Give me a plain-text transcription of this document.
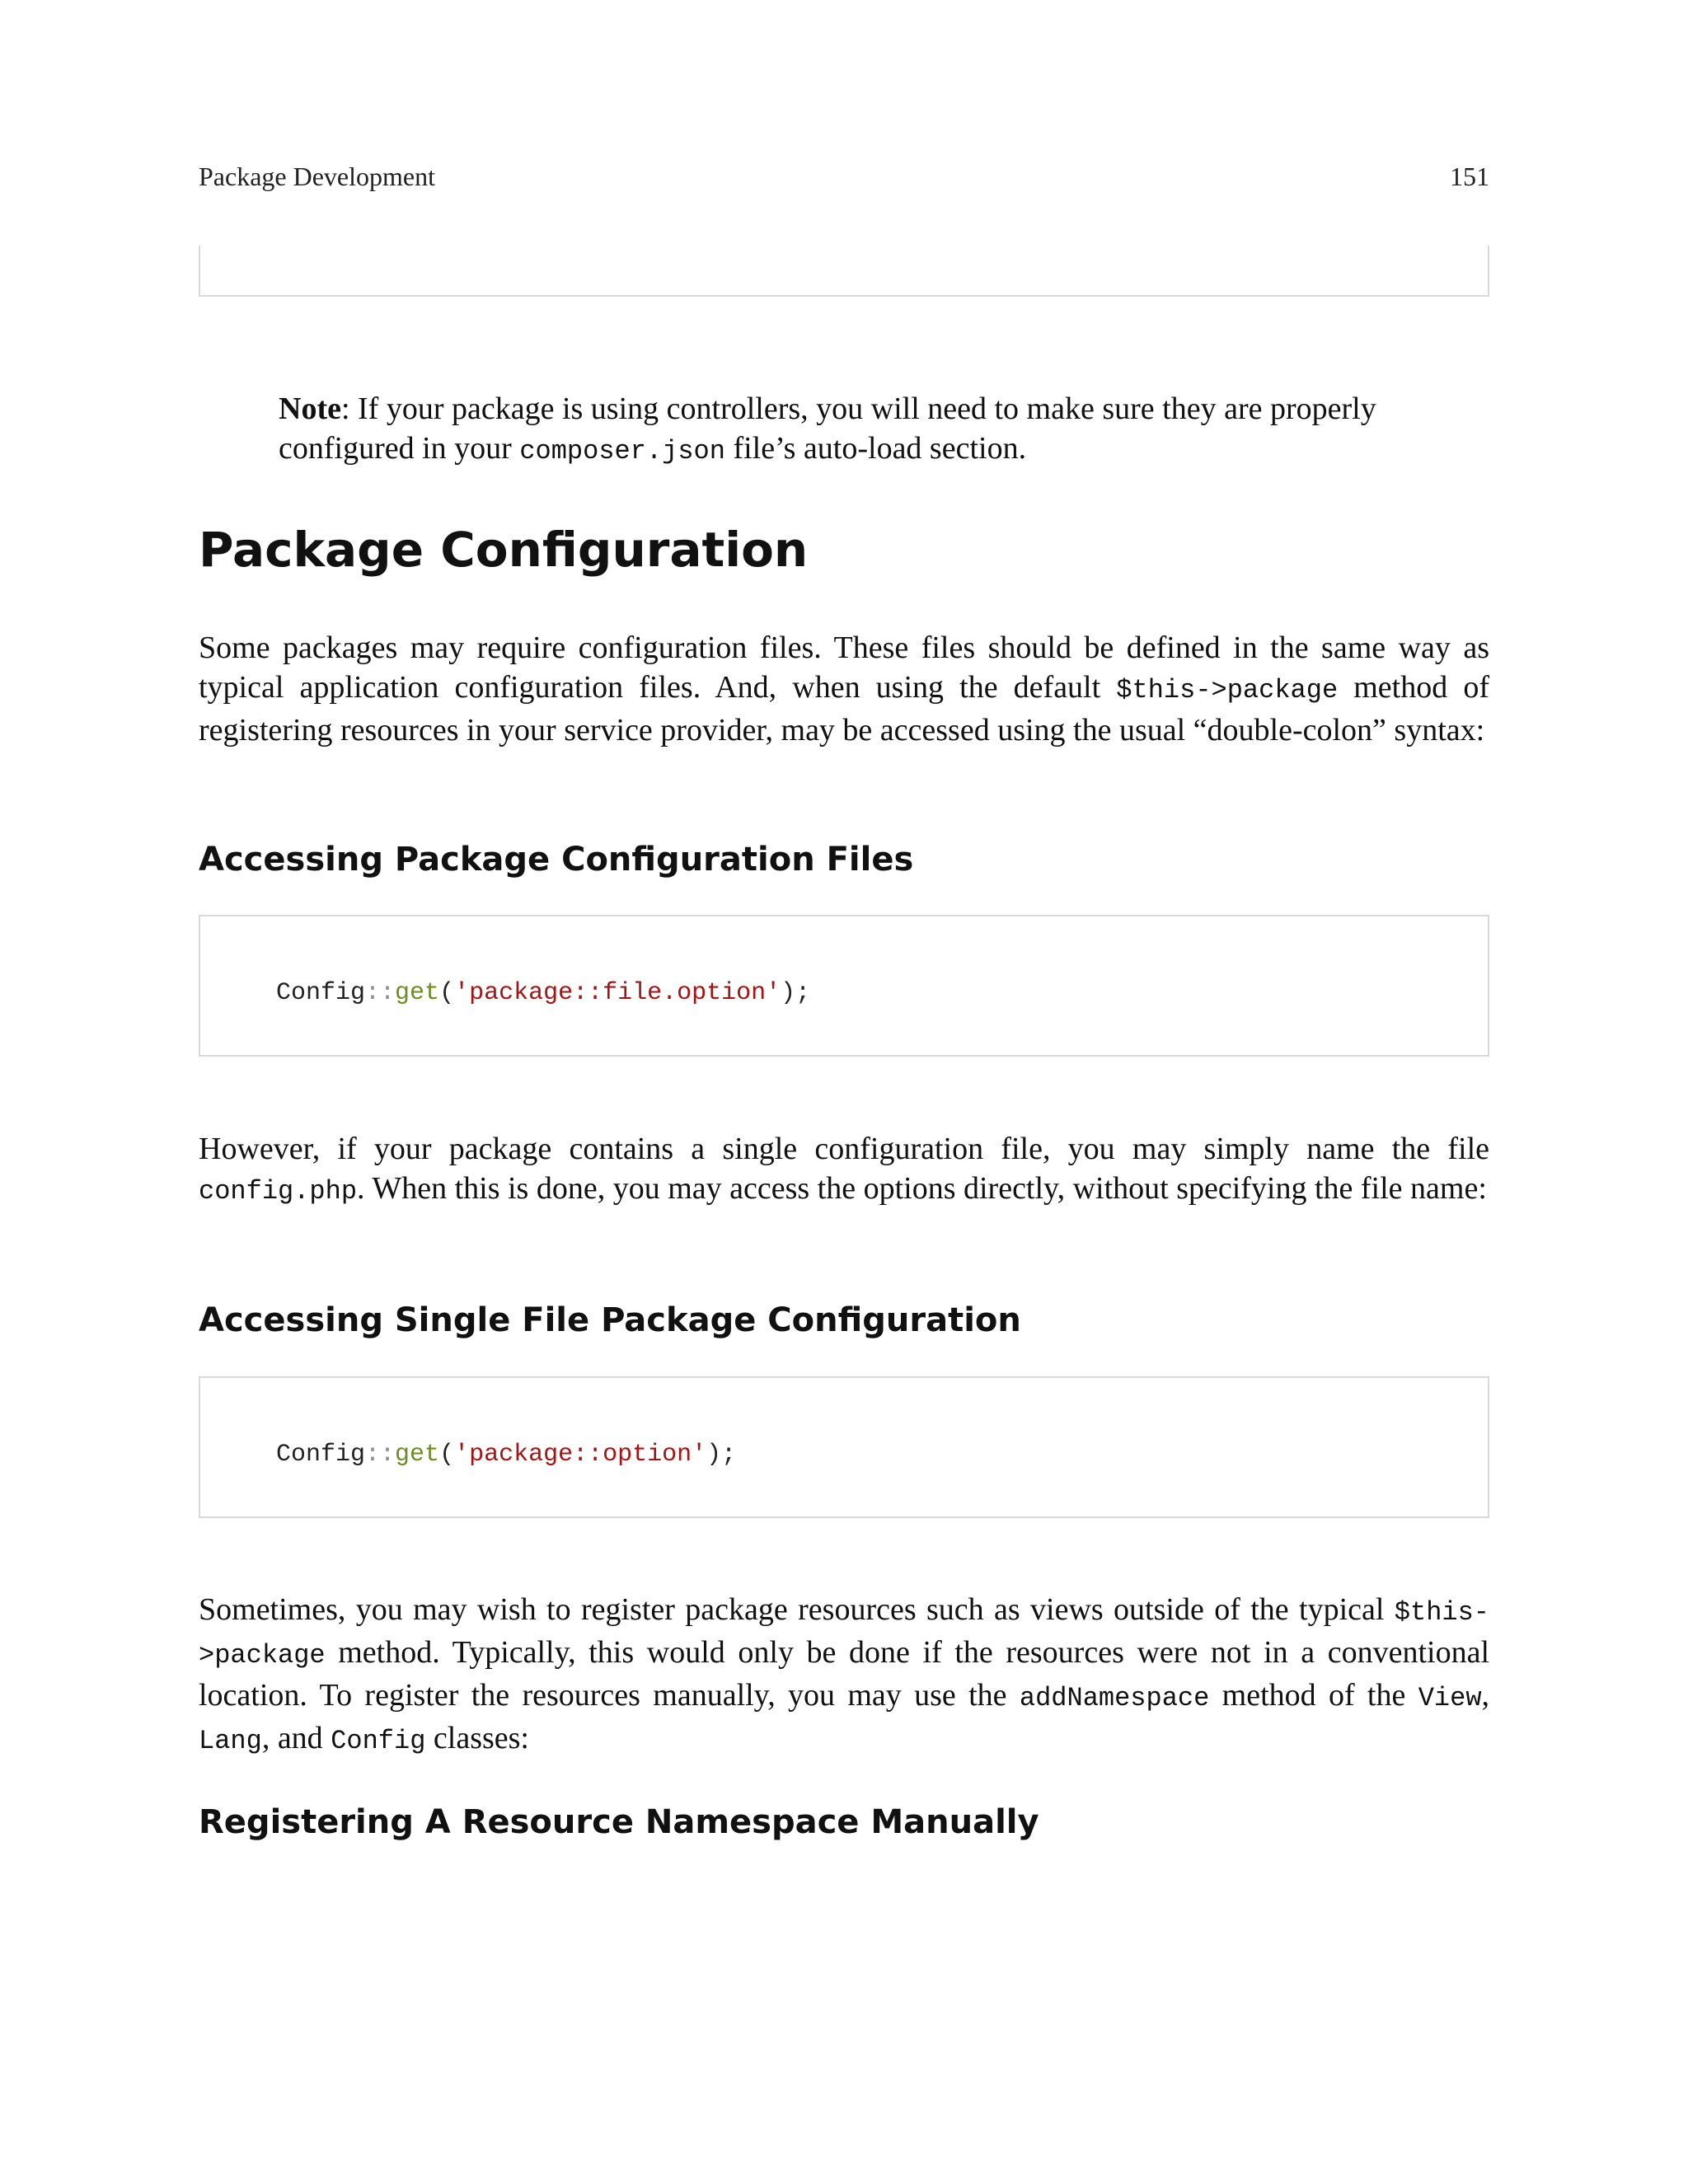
Package Development	151

Note: If your package is using controllers, you will need to make sure they are properly configured in your composer.json file’s auto-load section.

Package Configuration

Some packages may require configuration files. These files should be defined in the same way as typical application configuration files. And, when using the default $this->package method of registering resources in your service provider, may be accessed using the usual “double-colon” syntax:

Accessing Package Configuration Files
Config::get('package::file.option');

However, if your package contains a single configuration file, you may simply name the file config.php. When this is done, you may access the options directly, without specifying the file name:

Accessing Single File Package Configuration
Config::get('package::option');

Sometimes, you may wish to register package resources such as views outside of the typical $this->package method. Typically, this would only be done if the resources were not in a conventional location. To register the resources manually, you may use the addNamespace method of the View, Lang, and Config classes:

Registering A Resource Namespace Manually
